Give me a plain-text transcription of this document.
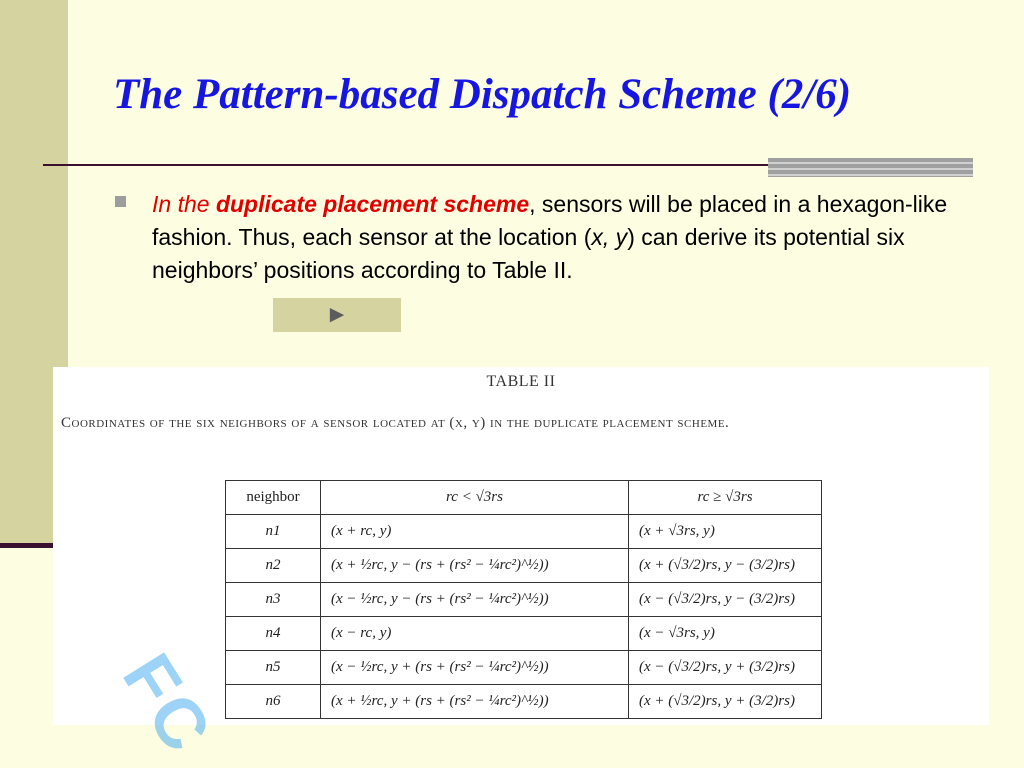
The Pattern-based Dispatch Scheme (2/6)

In the duplicate placement scheme, sensors will be placed in a hexagon-like fashion. Thus, each sensor at the location (x, y) can derive its potential six neighbors’ positions according to Table II.

►
TABLE II
Coordinates of the six neighbors of a sensor located at (x, y) in the duplicate placement scheme.
neighbor	rc < √3rs	rc ≥ √3rs
n1	(x + rc, y)	(x + √3rs, y)
n2	(x + ½rc, y − (rs + (rs² − ¼rc²)^½))	(x + (√3/2)rs, y − (3/2)rs)
n3	(x − ½rc, y − (rs + (rs² − ¼rc²)^½))	(x − (√3/2)rs, y − (3/2)rs)
n4	(x − rc, y)	(x − √3rs, y)
n5	(x − ½rc, y + (rs + (rs² − ¼rc²)^½))	(x − (√3/2)rs, y + (3/2)rs)
n6	(x + ½rc, y + (rs + (rs² − ¼rc²)^½))	(x + (√3/2)rs, y + (3/2)rs)
FC
